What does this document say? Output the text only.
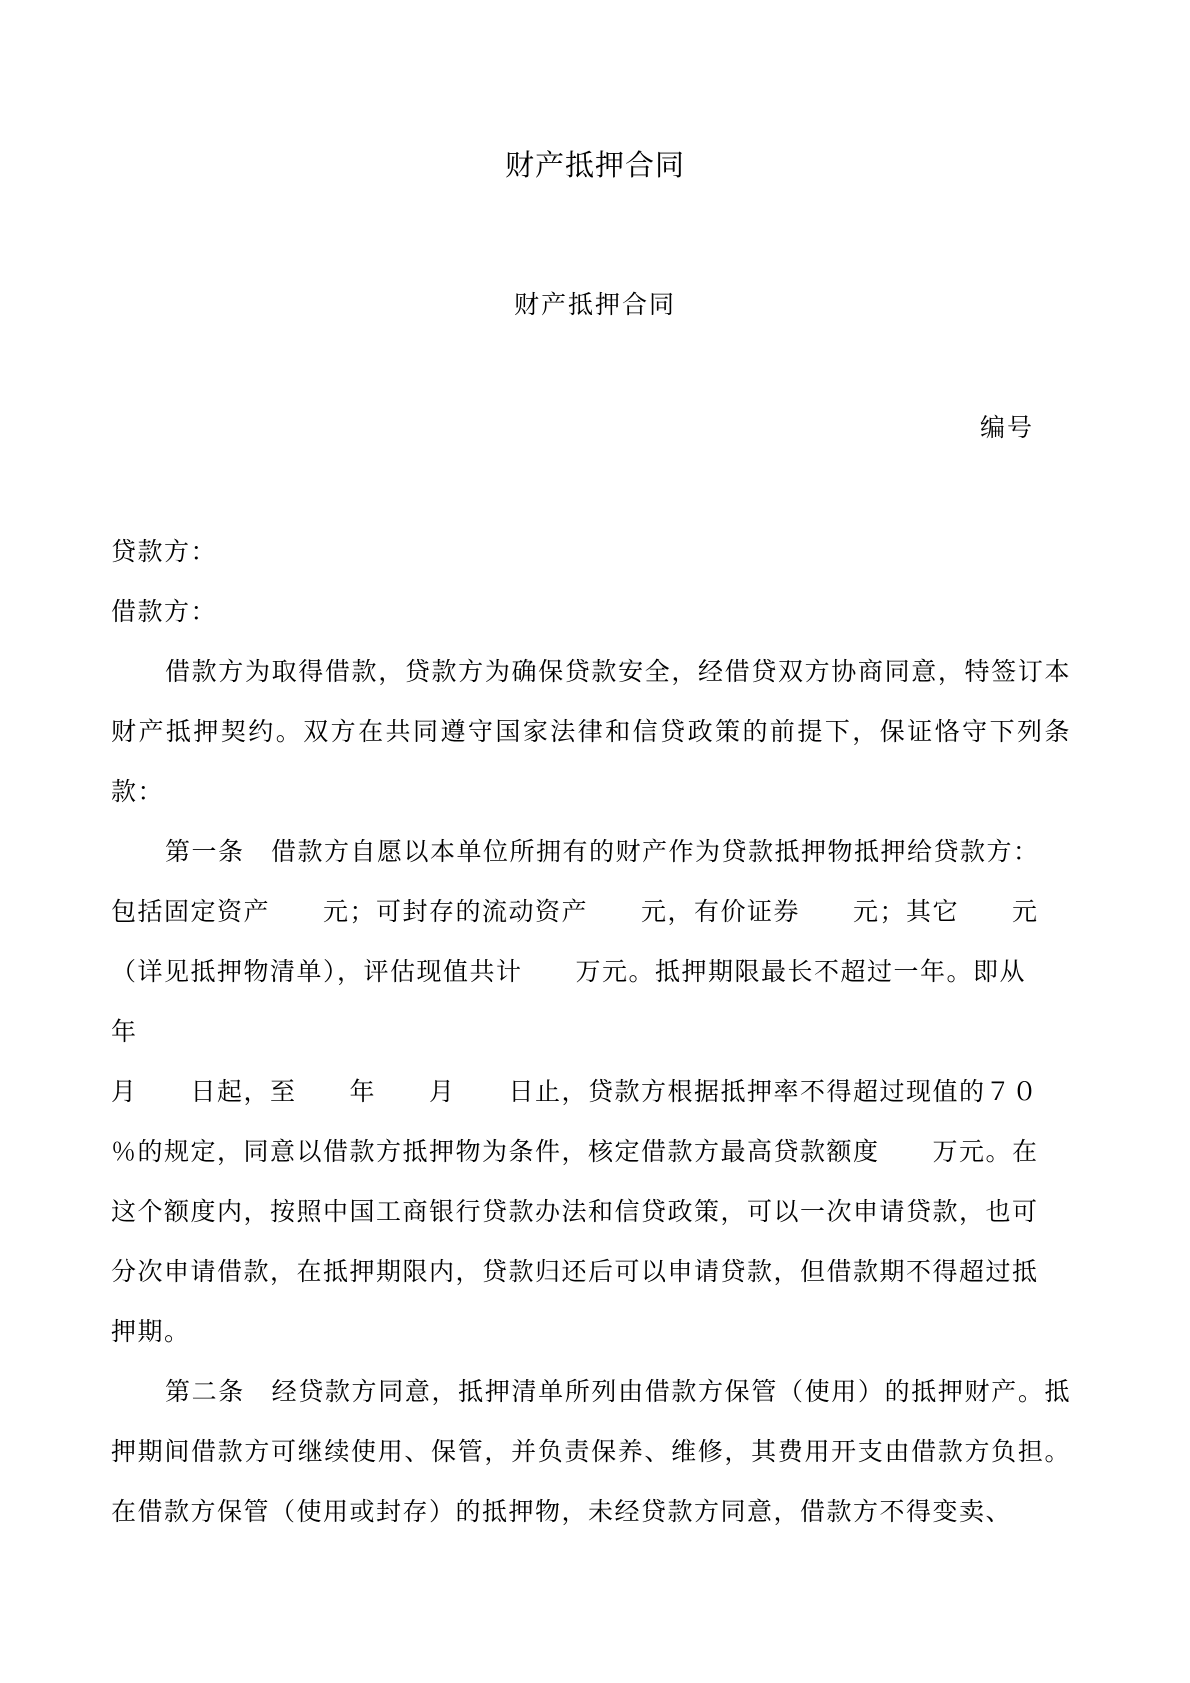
财产抵押合同
财产抵押合同
编号

贷款方：

借款方：

借款方为取得借款，贷款方为确保贷款安全，经借贷双方协商同意，特签订本财产抵押契约。双方在共同遵守国家法律和信贷政策的前提下，保证恪守下列条款：

第一条　借款方自愿以本单位所拥有的财产作为贷款抵押物抵押给贷款方：
包括固定资产　　元；可封存的流动资产　　元，有价证券　　元；其它　　元
（详见抵押物清单），评估现值共计　　万元。抵押期限最长不超过一年。即从
年
月　　日起，至　　年　　月　　日止，贷款方根据抵押率不得超过现值的７０
％的规定，同意以借款方抵押物为条件，核定借款方最高贷款额度　　万元。在
这个额度内，按照中国工商银行贷款办法和信贷政策，可以一次申请贷款，也可
分次申请借款，在抵押期限内，贷款归还后可以申请贷款，但借款期不得超过抵
押期。

第二条　经贷款方同意，抵押清单所列由借款方保管（使用）的抵押财产。抵押期间借款方可继续使用、保管，并负责保养、维修，其费用开支由借款方负担。在借款方保管（使用或封存）的抵押物，未经贷款方同意，借款方不得变卖、
